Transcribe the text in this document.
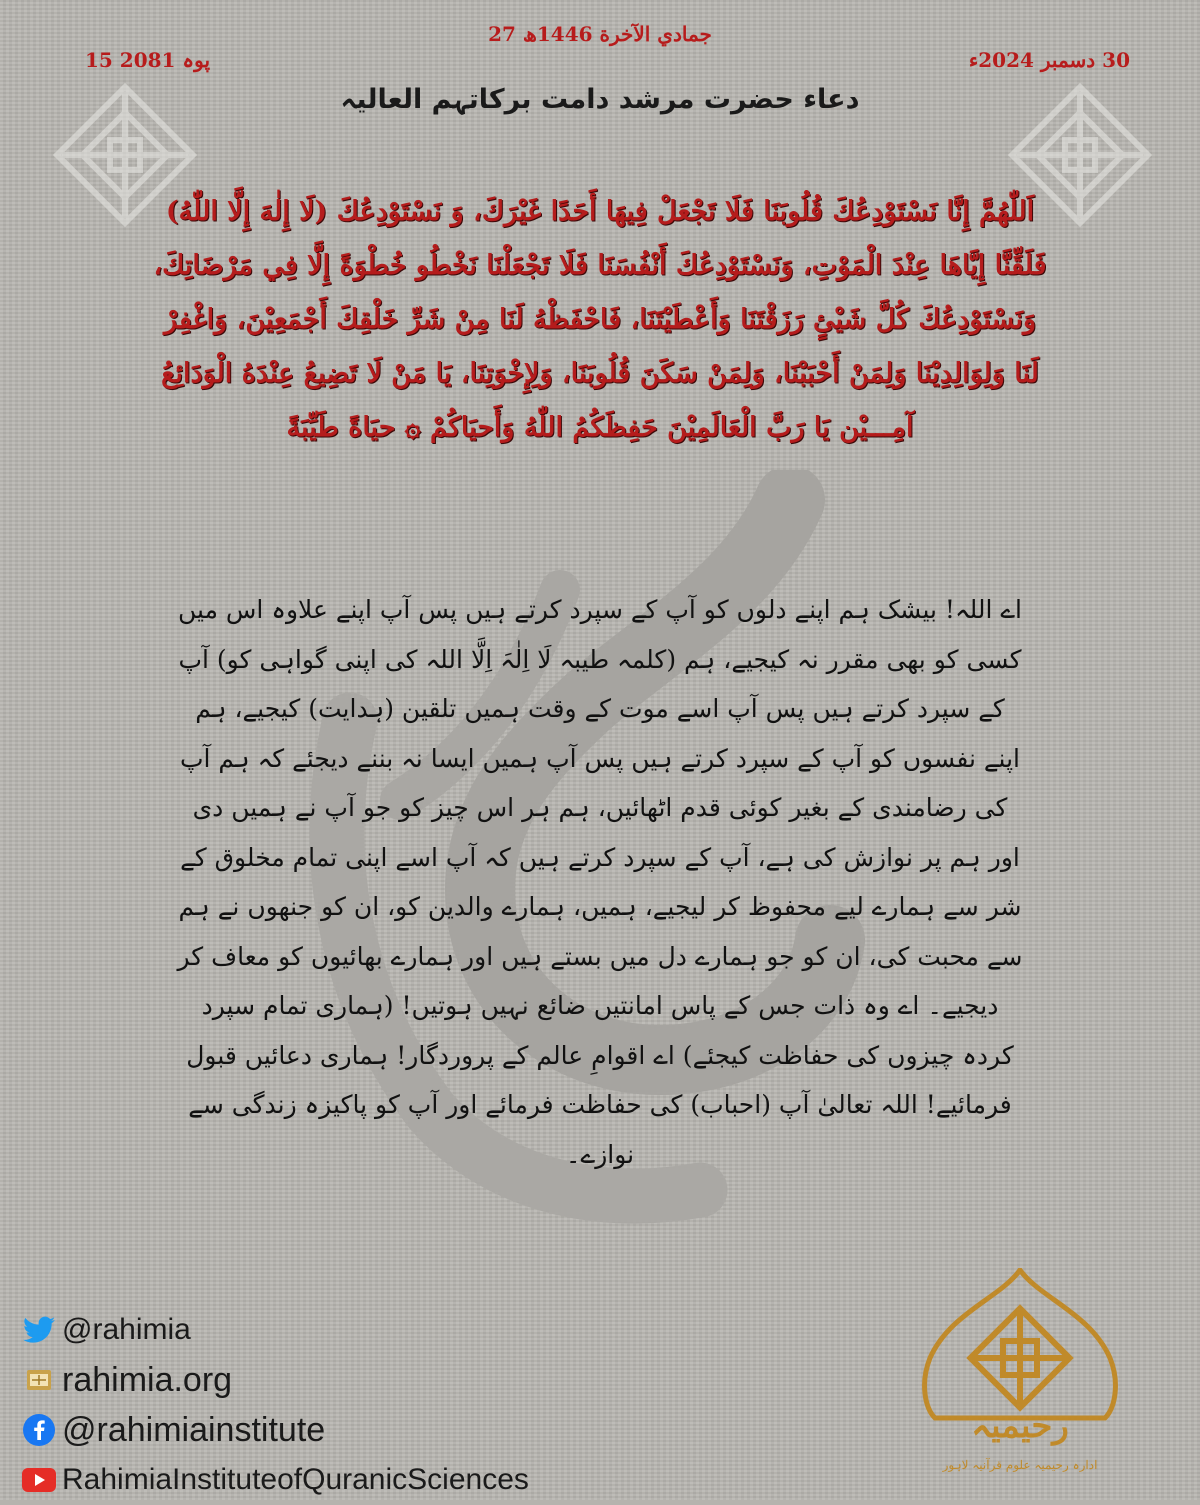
27 جمادي الآخرة 1446ھ
15 پوہ 2081	30 دسمبر 2024ء
دعاء حضرت مرشد دامت برکاتہم العالیہ
اَللّٰهُمَّ إِنَّا نَسْتَوْدِعُكَ قُلُوبَنَا فَلَا تَجْعَلْ فِيهَا أَحَدًا غَيْرَكَ، وَ نَسْتَوْدِعُكَ (لَا إِلٰهَ إِلَّا اللّٰهُ) فَلَقِّنَّا إِيَّاهَا عِنْدَ الْمَوْتِ، وَنَسْتَوْدِعُكَ أَنْفُسَنَا فَلَا تَجْعَلْنَا نَخْطُو خُطْوَةً إِلَّا فِي مَرْضَاتِكَ، وَنَسْتَوْدِعُكَ كُلَّ شَيْئٍ رَزَقْتَنَا وَأَعْطَيْتَنَا، فَاحْفَظْهُ لَنَا مِنْ شَرِّ خَلْقِكَ أَجْمَعِيْنَ، وَاغْفِرْ لَنَا وَلِوَالِدِيْنَا وَلِمَنْ أَحْبَبْنَا، وَلِمَنْ سَكَنَ قُلُوبَنَا، وَلِإِخْوَتِنَا، يَا مَنْ لَا تَضِيعُ عِنْدَهُ الْوَدَائِعُ آمِـــيْن يَا رَبَّ الْعَالَمِيْنَ حَفِظَكُمُ اللّٰهُ وَأَحيَاكُمْ ۞ حيَاةً طَيِّبَةً
اے اللہ! بیشک ہم اپنے دلوں کو آپ کے سپرد کرتے ہیں پس آپ اپنے علاوہ اس میں کسی کو بھی مقرر نہ کیجیے، ہم (کلمہ طیبہ لَا اِلٰہَ اِلَّا اللہ کی اپنی گواہی کو) آپ کے سپرد کرتے ہیں پس آپ اسے موت کے وقت ہمیں تلقین (ہدایت) کیجیے، ہم اپنے نفسوں کو آپ کے سپرد کرتے ہیں پس آپ ہمیں ایسا نہ بننے دیجئے کہ ہم آپ کی رضامندی کے بغیر کوئی قدم اٹھائیں، ہم ہر اس چیز کو جو آپ نے ہمیں دی اور ہم پر نوازش کی ہے، آپ کے سپرد کرتے ہیں کہ آپ اسے اپنی تمام مخلوق کے شر سے ہمارے لیے محفوظ کر لیجیے، ہمیں، ہمارے والدین کو، ان کو جنھوں نے ہم سے محبت کی، ان کو جو ہمارے دل میں بستے ہیں اور ہمارے بھائیوں کو معاف کر دیجیے۔ اے وہ ذات جس کے پاس امانتیں ضائع نہیں ہوتیں! (ہماری تمام سپرد کردہ چیزوں کی حفاظت کیجئے) اے اقوامِ عالم کے پروردگار! ہماری دعائیں قبول فرمائیے! اللہ تعالیٰ آپ (احباب) کی حفاظت فرمائے اور آپ کو پاکیزہ زندگی سے نوازے۔
@rahimia
rahimia.org
@rahimiainstitute
RahimiaInstituteofQuranicSciences
رحیمیہ
ادارہ رحیمیہ علوم قرآنیہ لاہور
